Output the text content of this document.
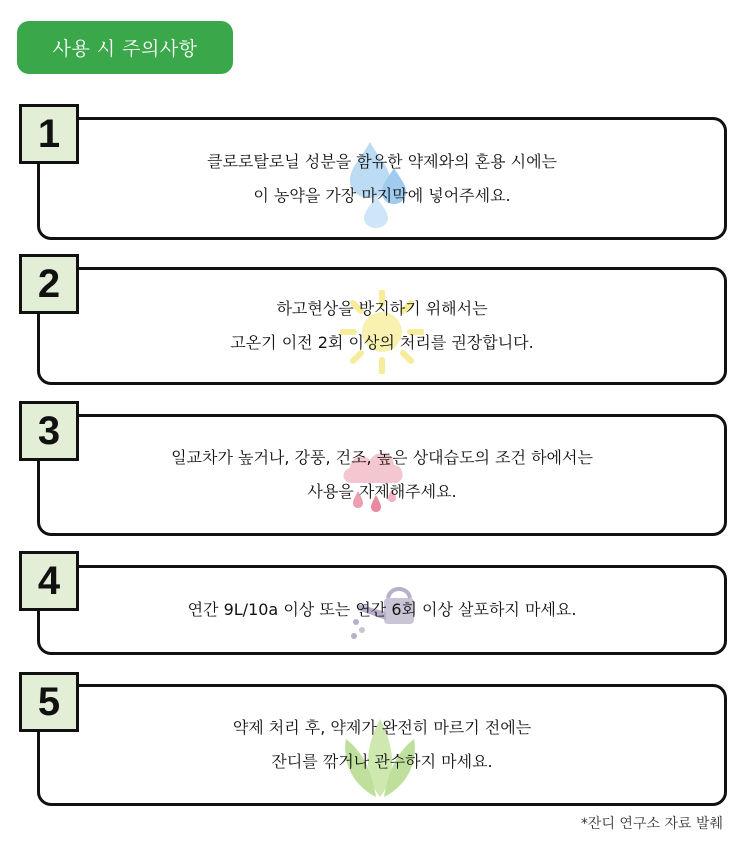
사용 시 주의사항
1
클로로탈로닐 성분을 함유한 약제와의 혼용 시에는
이 농약을 가장 마지막에 넣어주세요.
2
하고현상을 방지하기 위해서는
고온기 이전 2회 이상의 처리를 권장합니다.
3
일교차가 높거나, 강풍, 건조, 높은 상대습도의 조건 하에서는
사용을 자제해주세요.
4
연간 9L/10a 이상 또는 연간 6회 이상 살포하지 마세요.
5
약제 처리 후, 약제가 완전히 마르기 전에는
잔디를 깎거나 관수하지 마세요.
*잔디 연구소 자료 발췌
